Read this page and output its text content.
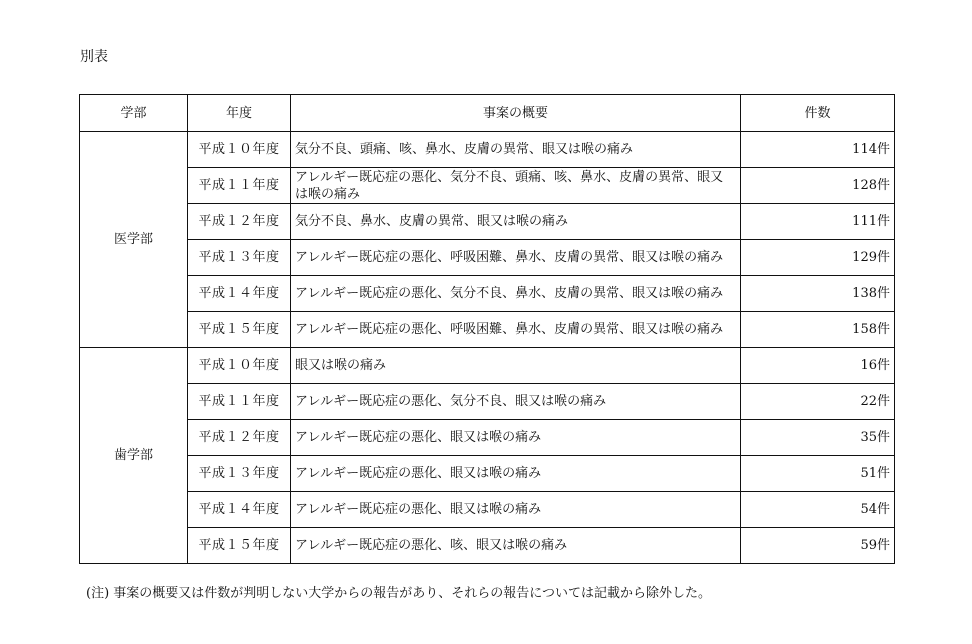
別表
学部	年度	事案の概要	件数
医学部	平成１０年度	気分不良、頭痛、咳、鼻水、皮膚の異常、眼又は喉の痛み	114件
	平成１１年度	アレルギー既応症の悪化、気分不良、頭痛、咳、鼻水、皮膚の異常、眼又は喉の痛み	128件
	平成１２年度	気分不良、鼻水、皮膚の異常、眼又は喉の痛み	111件
	平成１３年度	アレルギー既応症の悪化、呼吸困難、鼻水、皮膚の異常、眼又は喉の痛み	129件
	平成１４年度	アレルギー既応症の悪化、気分不良、鼻水、皮膚の異常、眼又は喉の痛み	138件
	平成１５年度	アレルギー既応症の悪化、呼吸困難、鼻水、皮膚の異常、眼又は喉の痛み	158件
歯学部	平成１０年度	眼又は喉の痛み	16件
	平成１１年度	アレルギー既応症の悪化、気分不良、眼又は喉の痛み	22件
	平成１２年度	アレルギー既応症の悪化、眼又は喉の痛み	35件
	平成１３年度	アレルギー既応症の悪化、眼又は喉の痛み	51件
	平成１４年度	アレルギー既応症の悪化、眼又は喉の痛み	54件
	平成１５年度	アレルギー既応症の悪化、咳、眼又は喉の痛み	59件
(注) 事案の概要又は件数が判明しない大学からの報告があり、それらの報告については記載から除外した。
